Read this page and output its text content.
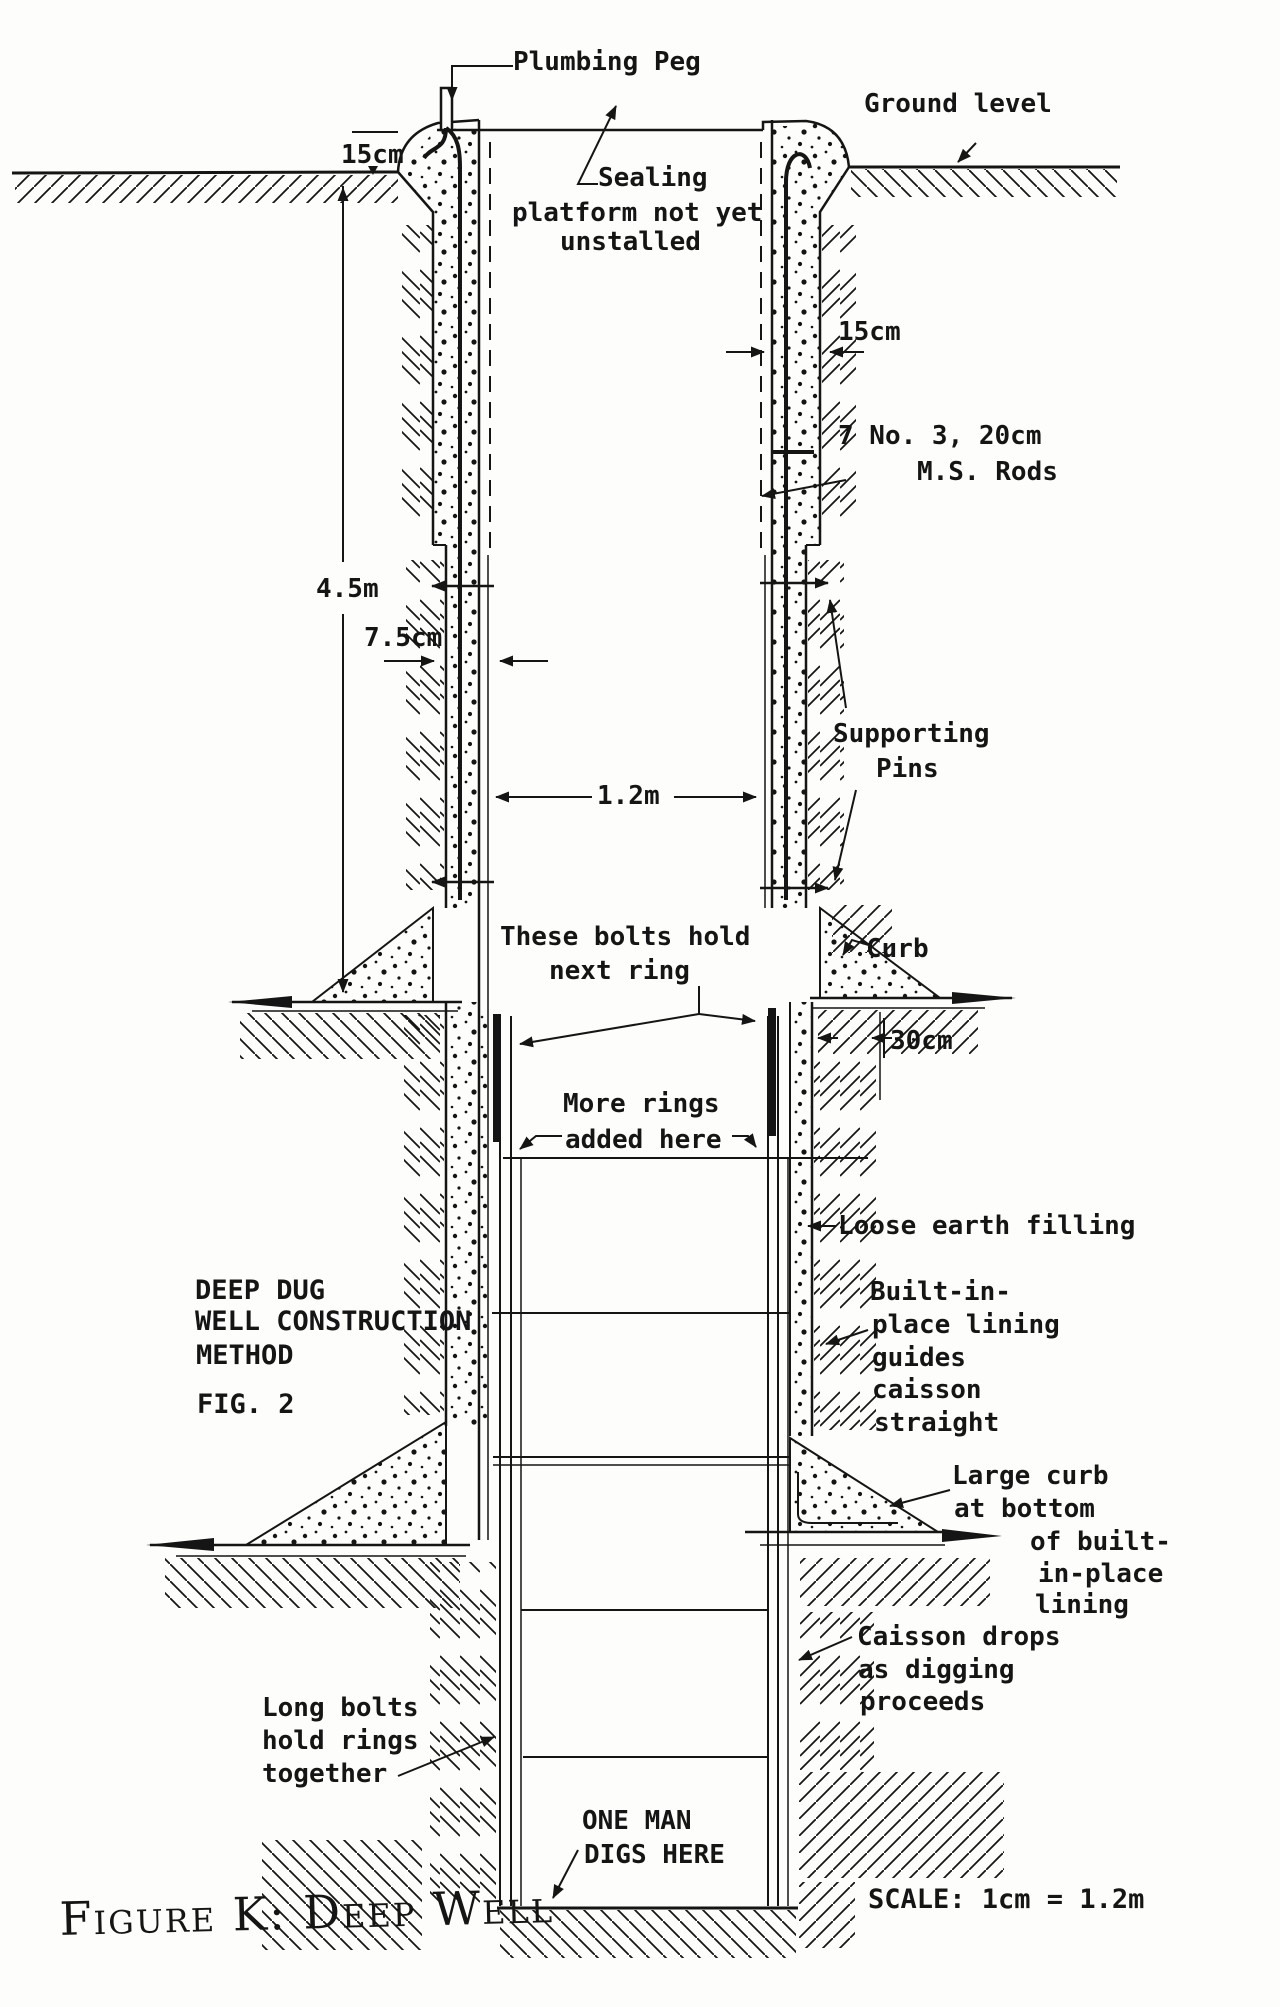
Plumbing Peg
Sealing
platform not yet
unstalled
Ground level
15cm
15cm
7 No. 3, 20cm
M.S. Rods
4.5m
7.5cm
1.2m
Supporting
Pins
These bolts hold
next ring
Curb
30cm
More rings
added here
Loose earth filling
Built-in-
place lining
guides
caisson
straight
DEEP DUG
WELL CONSTRUCTION
METHOD
FIG. 2
Large curb
at bottom
of built-
in-place
lining
Caisson drops
as digging
proceeds
Long bolts
hold rings
together
ONE MAN
DIGS HERE
SCALE: 1cm = 1.2m
Figure K: Deep Well
